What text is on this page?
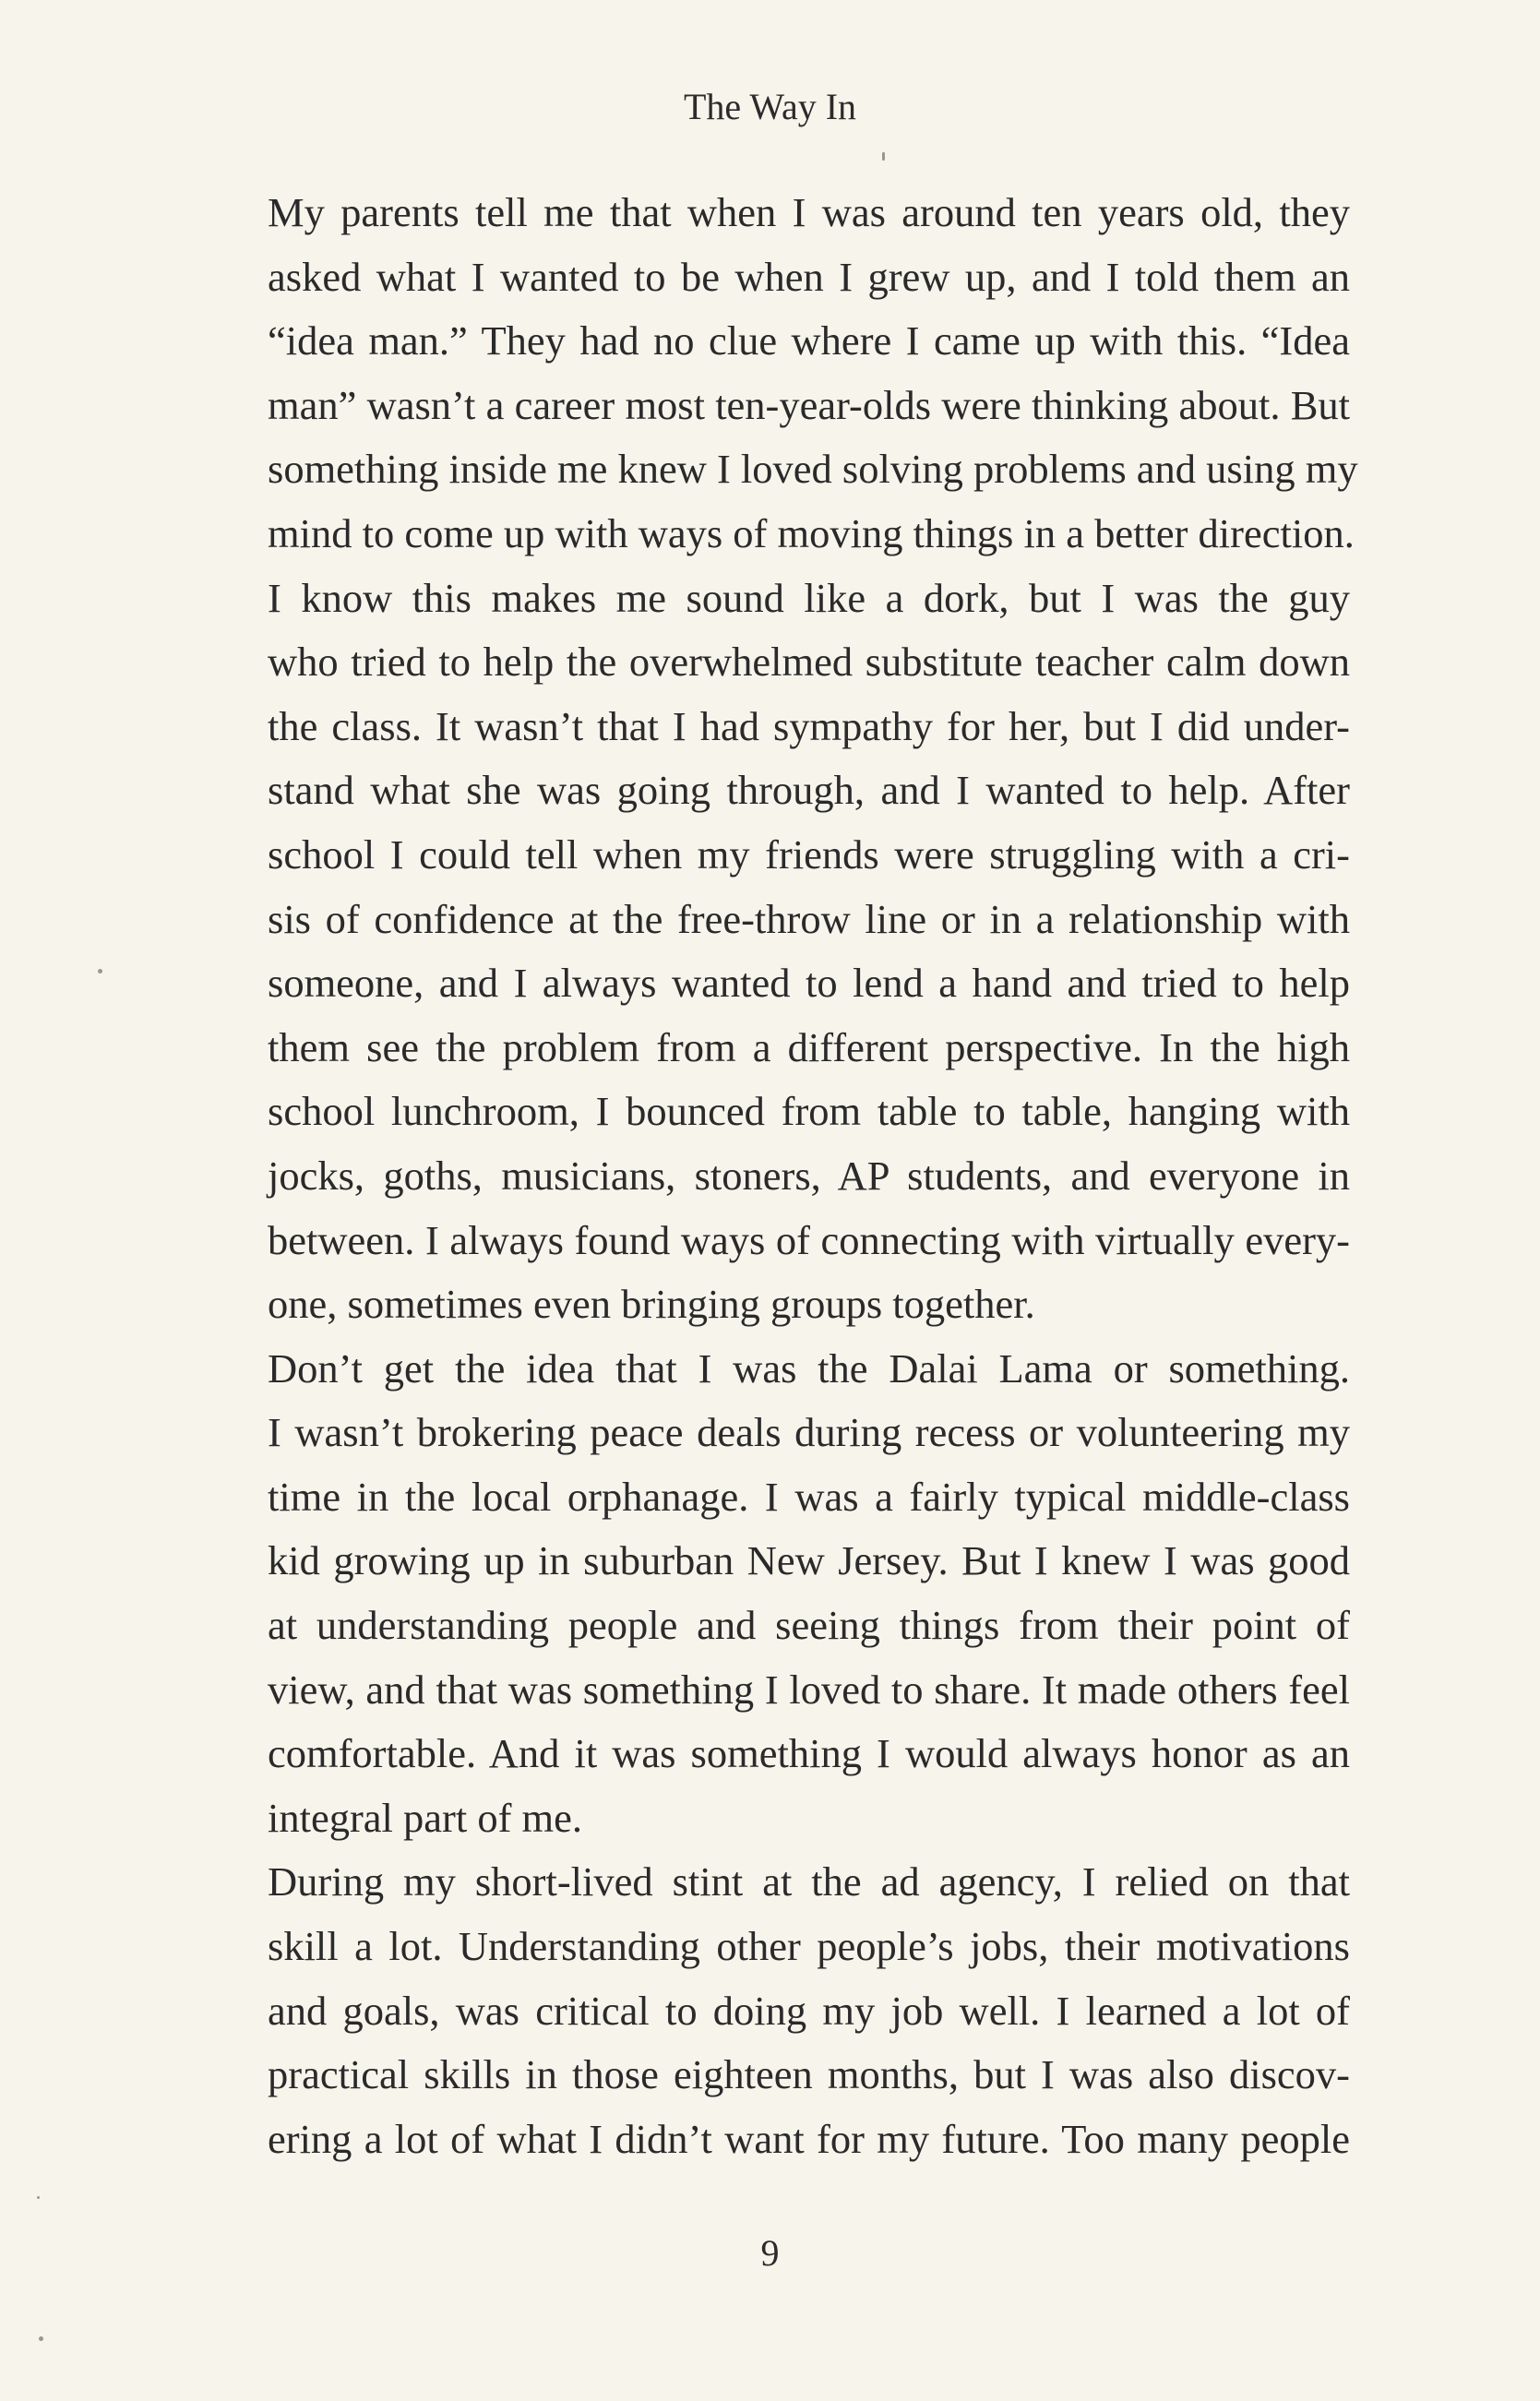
The Way In

My parents tell me that when I was around ten years old, they
asked what I wanted to be when I grew up, and I told them an
“idea man.” They had no clue where I came up with this. “Idea
man” wasn’t a career most ten-year-olds were thinking about. But
something inside me knew I loved solving problems and using my
mind to come up with ways of moving things in a better direction.

I know this makes me sound like a dork, but I was the guy
who tried to help the overwhelmed substitute teacher calm down
the class. It wasn’t that I had sympathy for her, but I did under-
stand what she was going through, and I wanted to help. After
school I could tell when my friends were struggling with a cri-
sis of confidence at the free-throw line or in a relationship with
someone, and I always wanted to lend a hand and tried to help
them see the problem from a different perspective. In the high
school lunchroom, I bounced from table to table, hanging with
jocks, goths, musicians, stoners, AP students, and everyone in
between. I always found ways of connecting with virtually every-
one, sometimes even bringing groups together.

Don’t get the idea that I was the Dalai Lama or something.
I wasn’t brokering peace deals during recess or volunteering my
time in the local orphanage. I was a fairly typical middle-class
kid growing up in suburban New Jersey. But I knew I was good
at understanding people and seeing things from their point of
view, and that was something I loved to share. It made others feel
comfortable. And it was something I would always honor as an
integral part of me.

During my short-lived stint at the ad agency, I relied on that
skill a lot. Understanding other people’s jobs, their motivations
and goals, was critical to doing my job well. I learned a lot of
practical skills in those eighteen months, but I was also discov-
ering a lot of what I didn’t want for my future. Too many people

9
